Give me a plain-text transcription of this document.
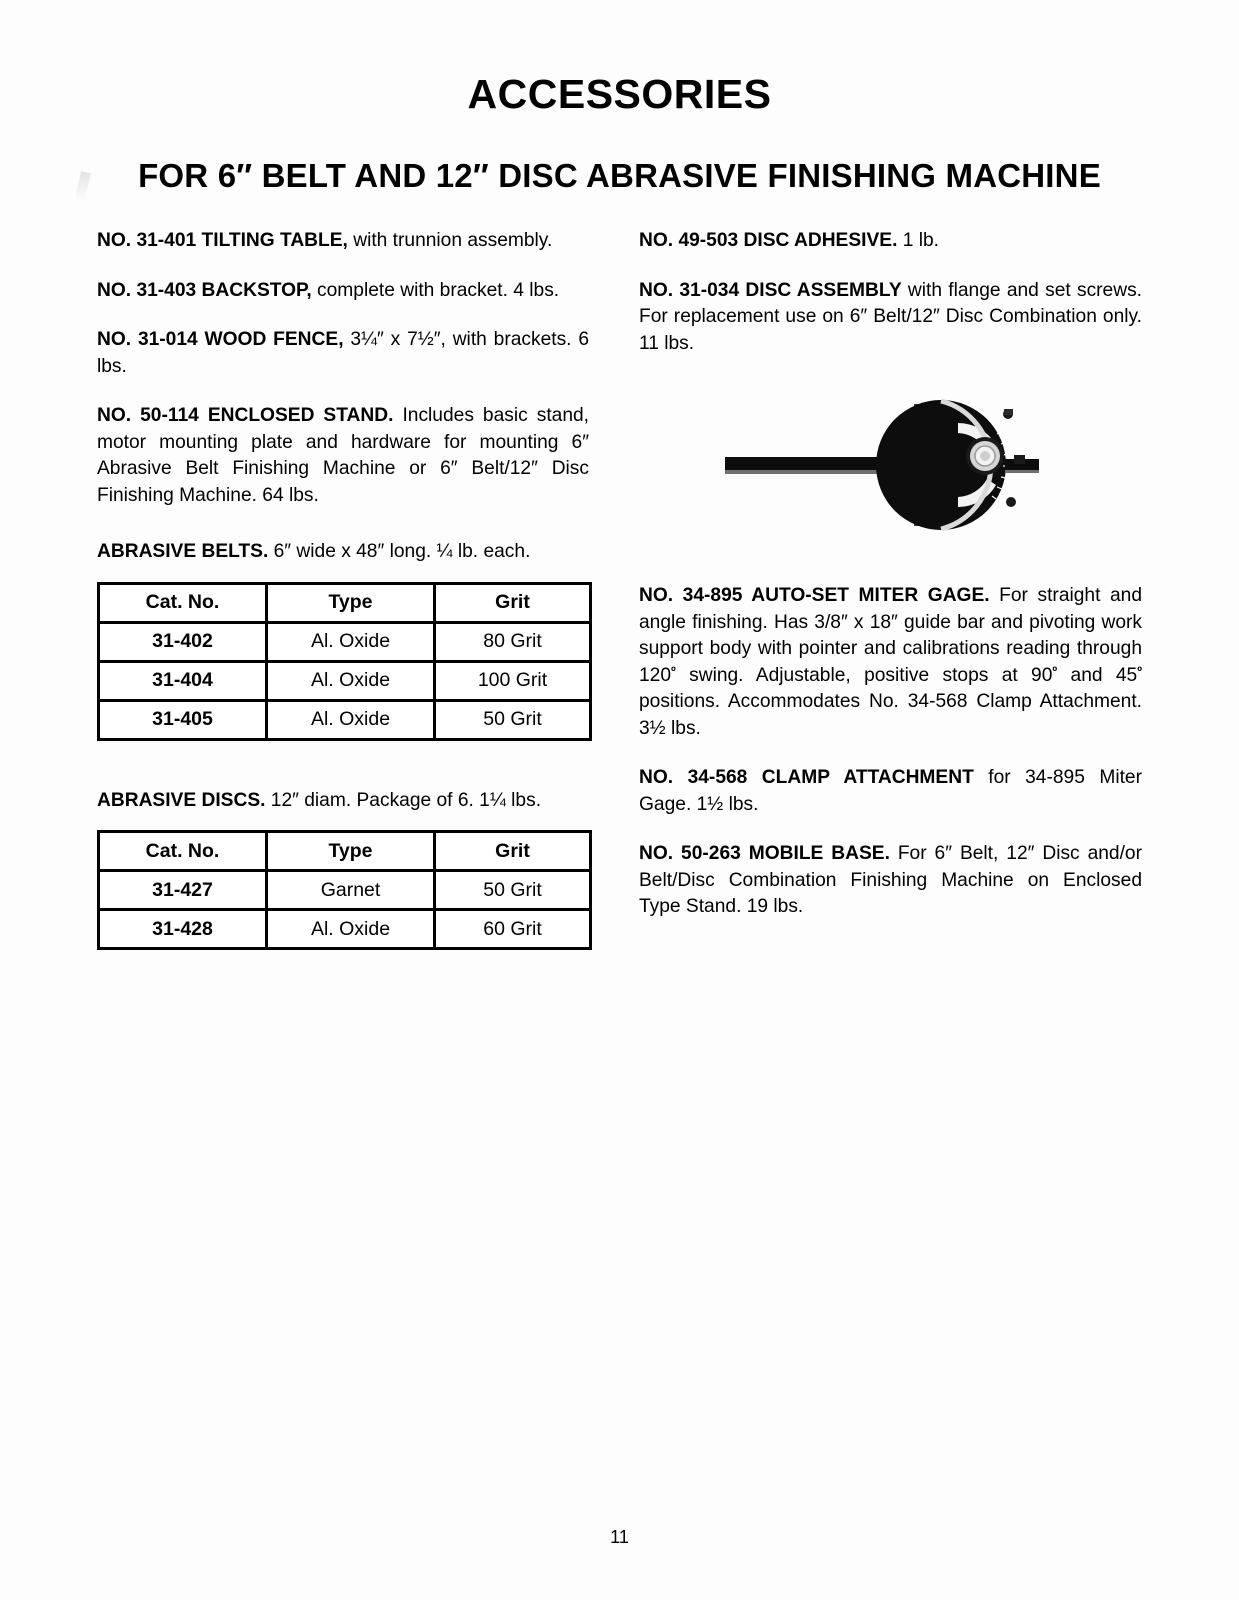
ACCESSORIES
FOR 6″ BELT AND 12″ DISC ABRASIVE FINISHING MACHINE

NO. 31-401 TILTING TABLE, with trunnion assembly.

NO. 31-403 BACKSTOP, complete with bracket. 4 lbs.

NO. 31-014 WOOD FENCE, 3¼″ x 7½″, with brackets. 6 lbs.

NO. 50-114 ENCLOSED STAND. Includes basic stand, motor mounting plate and hardware for mounting 6″ Abrasive Belt Finishing Machine or 6″ Belt/12″ Disc Finishing Machine. 64 lbs.

ABRASIVE BELTS. 6″ wide x 48″ long. ¼ lb. each.

Cat. No.	Type	Grit
31-402	Al. Oxide	80 Grit
31-404	Al. Oxide	100 Grit
31-405	Al. Oxide	50 Grit

ABRASIVE DISCS. 12″ diam. Package of 6. 1¼ lbs.

Cat. No.	Type	Grit
31-427	Garnet	50 Grit
31-428	Al. Oxide	60 Grit

NO. 49-503 DISC ADHESIVE. 1 lb.

NO. 31-034 DISC ASSEMBLY with flange and set screws. For replacement use on 6″ Belt/12″ Disc Combination only. 11 lbs.

NO. 34-895 AUTO-SET MITER GAGE. For straight and angle finishing. Has 3/8″ x 18″ guide bar and pivoting work support body with pointer and calibrations reading through $120^º$ swing. Adjustable, positive stops at $90^º$ and $45^º$ positions. Accommodates No. 34-568 Clamp Attachment. 3½ lbs.

NO. 34-568 CLAMP ATTACHMENT for 34-895 Miter Gage. 1½ lbs.

NO. 50-263 MOBILE BASE. For 6″ Belt, 12″ Disc and/or Belt/Disc Combination Finishing Machine on Enclosed Type Stand. 19 lbs.

11
